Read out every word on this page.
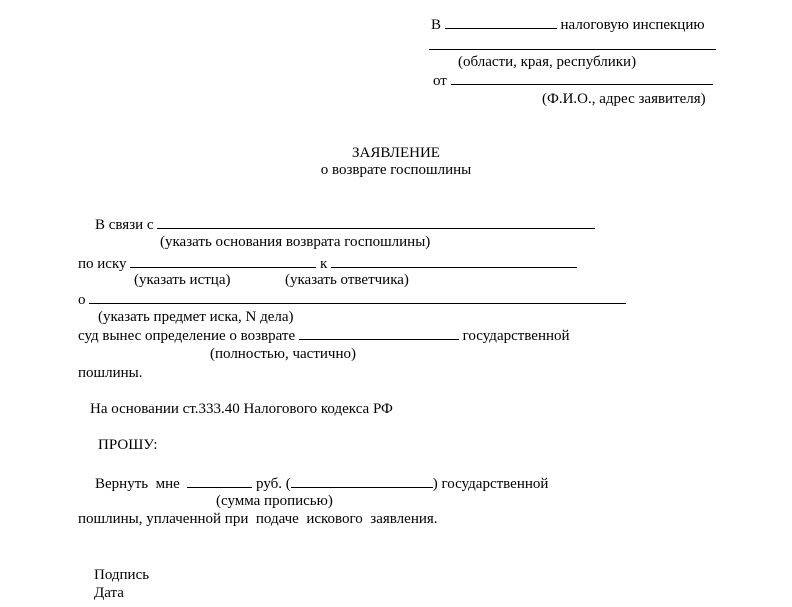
В	налоговую инспекцию
(области, края, республики)
от
(Ф.И.О., адрес заявителя)
ЗАЯВЛЕНИЕ
о возврате госпошлины
В связи с
(указать основания возврата госпошлины)
по иску	к
(указать истца)	(указать ответчика)
о
(указать предмет иска, N дела)
суд вынес определение о возврате	государственной
(полностью, частично)
пошлины.
На основании ст.333.40 Налогового кодекса РФ
ПРОШУ:
Вернуть  мне	руб. (	) государственной
(сумма прописью)
пошлины, уплаченной при  подаче  искового  заявления.
Подпись
Дата
